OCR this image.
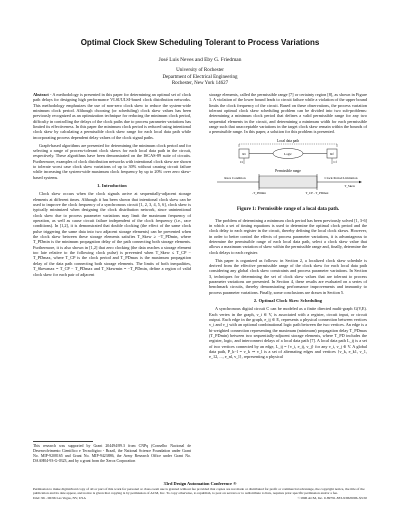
Optimal Clock Skew Scheduling Tolerant to Process Variations
José Luis Neves and Eby G. Friedman
University of Rochester
Department of Electrical Engineering
Rochester, New York 14627

Abstract - A methodology is presented in this paper for determining an optimal set of clock path delays for designing high performance VLSI/ULSI-based clock distribution networks. This methodology emphasizes the use of non-zero clock skew to reduce the system-wide minimum clock period. Although choosing (or scheduling) clock skew values has been previously recognized as an optimization technique for reducing the minimum clock period, difficulty in controlling the delays of the clock paths due to process parameter variations has limited its effectiveness. In this paper the minimum clock period is reduced using intentional clock skew by calculating a permissible clock skew range for each local data path while incorporating process dependent delay values of the clock signal paths.

Graph-based algorithms are presented for determining the minimum clock period and for selecting a range of process-tolerant clock skews for each local data path in the circuit, respectively. These algorithms have been demonstrated on the ISCAS-89 suite of circuits. Furthermore, examples of clock distribution networks with intentional clock skew are shown to tolerate worst case clock skew variations of up to 30% without causing circuit failure while increasing the system-wide maximum clock frequency by up to 20% over zero skew-based systems.

1. Introduction

Clock skew occurs when the clock signals arrive at sequentially-adjacent storage elements at different times. Although it has been shown that intentional clock skew can be used to improve the clock frequency of a synchronous circuit [1, 2, 3, 4, 5, 6], clock skew is typically minimized when designing the clock distribution network, since unintentional clock skew due to process parameter variations may limit the maximum frequency of operation, as well as cause circuit failure independent of the clock frequency (i.e., race conditions). In [1,2], it is demonstrated that double clocking (the effect of the same clock pulse triggering the same data into two adjacent storage elements) can be prevented when the clock skew between these storage elements satisfies T_Skew ≥ −T_PDmin, where T_PDmin is the minimum propagation delay of the path connecting both storage elements. Furthermore, it is also shown in [1,2] that zero clocking (the data reaches a storage element too late relative to the following clock pulse) is prevented when T_Skew ≤ T_CP − T_PDmax, where T_CP is the clock period and T_PDmax is the maximum propagation delay of the data path connecting both storage elements. The limits of both inequalities, T_Skewmax = T_CP − T_PDmax and T_Skewmin = −T_PDmin, define a region of valid clock skew for each pair of adjacent

This research was supported by Grant 204494/89.3 from CNPq (Conselho Nacional de Desenvolvimento Científico e Tecnológico - Brazil, the National Science Foundation under Grant No. MIP-9208165 and Grant No. MIP-9423886, the Army Research Office under Grant No. DAAH04-93-G-0323, and by a grant from the Xerox Corporation

storage elements, called the permissible range [7] or certainty region [8], as shown in Figure 1. A violation of the lower bound leads to circuit failure while a violation of the upper bound limits the clock frequency of the circuit. Based on these observations, the process variation tolerant optimal clock skew scheduling problem can be divided into two sub-problems: determining a minimum clock period that defines a valid permissible range for any two sequential elements in the circuit, and determining a minimum width for each permissible range such that unacceptable variations in the target clock skew remain within the bounds of a permissible range. In this paper, a solution for this problem is presented.

Local data path
Ri	Logic	Rf
Ci	Cf
Permissible range
-T_PDmin	T_CP - T_PDmax
T_Skew
Race Condition	Clock Period Limitation
Figure 1: Permissible range of a local data path.

The problem of determining a minimum clock period has been previously solved [1, 3-6] in which a set of timing equations is used to determine the optimal clock period and the clock delay to each register in the circuit, thereby defining the local clock skews. However, in order to better control the effects of process parameter variations, it is advantageous to determine the permissible range of each local data path, select a clock skew value that allows a maximum variation of skew within the permissible range and, finally, determine the clock delays to each register.

This paper is organized as follows: in Section 2, a localized clock skew schedule is derived from the effective permissible range of the clock skew for each local data path considering any global clock skew constraints and process parameter variations. In Section 3, techniques for determining the set of clock skew values that are tolerant to process parameter variations are presented. In Section 4, these results are evaluated on a series of benchmark circuits, thereby demonstrating performance improvements and immunity to process parameter variations. Finally, some conclusions are drawn in Section 5.

2. Optimal Clock Skew Scheduling

A synchronous digital circuit C can be modeled as a finite directed multi-graph G(V,E). Each vertex in the graph, v_i ∈ V, is associated with a register, circuit input, or circuit output. Each edge in the graph, e_ij ∈ E, represents a physical connection between vertices v_i and v_j with an optional combinational logic path between the two vertices. An edge is a bi-weighted connection representing the maximum (minimum) propagation delay T_PDmax (T_PDmin) between two sequentially-adjacent storage elements, where T_PD includes the register, logic, and interconnect delays of a local data path [7]. A local data path L_ij is a set of two vertices connected by an edge, L_ij = {v_i, e_ij, v_j} for any v_i, v_j ∈ V. A global data path, P_k−l = v_k ⇝ v_l is a set of alternating edges and vertices {v_k, e_k1, v_1, e_12, ..., e_nl, v_l}, representing a physical

33rd Design Automation Conference ®
Permission to make digital/hard copy of all or part of this work for personal or class-room use is granted without fee provided that copies are not made or distributed for profit or commercial advantage, the copyright notice, the title of the publication and its date appear, and notice is given that copying is by permission of ACM, Inc. To copy otherwise, to republish, to post on servers or to redistribute to lists, requires prior specific permission and/or a fee.
DAC 96 - 06/96 Las Vegas, NV, USA	©1996 ACM, Inc. 0-89791-833-9/96/0006..$3.50
